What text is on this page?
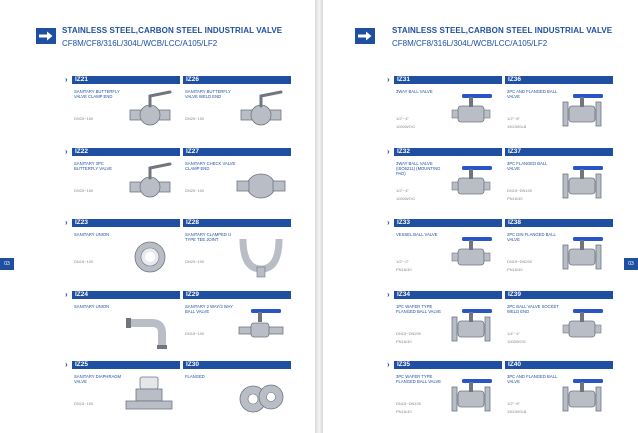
STAINLESS STEEL,CARBON STEEL INDUSTRIAL VALVE
CF8M/CF8/316L/304L/WCB/LCC/A105/LF2
03
› IZ21
SANITARY BUTTERFLY VALVE CLAMP END
DN25~150
› IZ26
SANITARY BUTTERFLY VALVE WELD END
DN25~150
› IZ22
SANITARY 3PC BUTTERFLY VALVE
DN25~150
› IZ27
SANITARY CHECK VALVE CLAMP END
DN25~100
› IZ23
SANITARY UNION
DN15~100
› IZ28
SANITARY CLAMPED U TYPE TEE JOINT
DN25~100
› IZ24
SANITARY UNION
› IZ29
SANITARY 2 WAY/3 WAY BALL VALVE
DN15~100
› IZ25
SANITARY DIAPHRAGM VALVE
DN15~100
› IZ30
FLANGED
STAINLESS STEEL,CARBON STEEL INDUSTRIAL VALVE
CF8M/CF8/316L/304L/WCB/LCC/A105/LF2
03
› IZ31
3WAY BALL VALVE
1/2"~4"
1000WOG
› IZ36
2PC AND FLANGED BALL VALVE
1/2"~8"
150/300LB
› IZ32
3WAY BALL VALVE (ISO5211) (MOUNTING PAD)
1/2"~4"
1000WOG
› IZ37
3PC FLANGED BALL VALVE
DN15~DN100
PN16/40
› IZ33
VESSEL BALL VALVE
1/2"~2"
PN16/40
› IZ38
2PC DIN FLANGED BALL VALVE
DN15~DN200
PN16/40
› IZ34
1PC WAFER TYPE FLANGED BALL VALVE
DN15~DN200
PN16/40
› IZ39
2PC BALL VALVE SOCKET WELD END
1/4"~4"
1000WOG
› IZ35
3PC WAFER TYPE FLANGED BALL VALVE
DN15~DN100
PN16/40
› IZ40
3PC AND FLANGED BALL VALVE
1/2"~8"
150/300LB
